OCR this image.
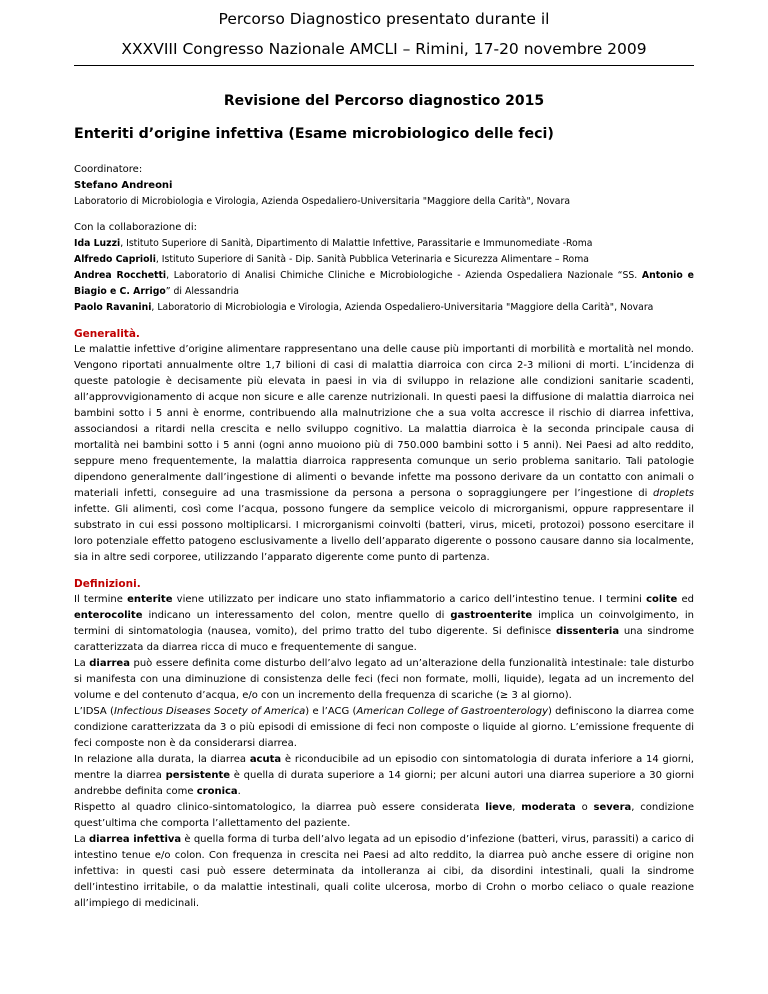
Percorso Diagnostico presentato durante il
XXXVIII Congresso Nazionale AMCLI – Rimini, 17-20 novembre 2009
Revisione del Percorso diagnostico 2015
Enteriti d’origine infettiva (Esame microbiologico delle feci)

Coordinatore:

Stefano Andreoni

Laboratorio di Microbiologia e Virologia, Azienda Ospedaliero-Universitaria "Maggiore della Carità", Novara

Con la collaborazione di:

Ida Luzzi, Istituto Superiore di Sanità, Dipartimento di Malattie Infettive, Parassitarie e Immunomediate -Roma

Alfredo Caprioli, Istituto Superiore di Sanità - Dip. Sanità Pubblica Veterinaria e Sicurezza Alimentare – Roma

Andrea Rocchetti, Laboratorio di Analisi Chimiche Cliniche e Microbiologiche - Azienda Ospedaliera Nazionale “SS. Antonio e Biagio e C. Arrigo” di Alessandria

Paolo Ravanini, Laboratorio di Microbiologia e Virologia, Azienda Ospedaliero-Universitaria "Maggiore della Carità", Novara

Generalità.

Le malattie infettive d’origine alimentare rappresentano una delle cause più importanti di morbilità e mortalità nel mondo. Vengono riportati annualmente oltre 1,7 bilioni di casi di malattia diarroica con circa 2-3 milioni di morti. L’incidenza di queste patologie è decisamente più elevata in paesi in via di sviluppo in relazione alle condizioni sanitarie scadenti, all’approvvigionamento di acque non sicure e alle carenze nutrizionali. In questi paesi la diffusione di malattia diarroica nei bambini sotto i 5 anni è enorme, contribuendo alla malnutrizione che a sua volta accresce il rischio di diarrea infettiva, associandosi a ritardi nella crescita e nello sviluppo cognitivo. La malattia diarroica è la seconda principale causa di mortalità nei bambini sotto i 5 anni (ogni anno muoiono più di 750.000 bambini sotto i 5 anni). Nei Paesi ad alto reddito, seppure meno frequentemente, la malattia diarroica rappresenta comunque un serio problema sanitario. Tali patologie dipendono generalmente dall’ingestione di alimenti o bevande infette ma possono derivare da un contatto con animali o materiali infetti, conseguire ad una trasmissione da persona a persona o sopraggiungere per l’ingestione di droplets infette. Gli alimenti, così come l’acqua, possono fungere da semplice veicolo di microrganismi, oppure rappresentare il substrato in cui essi possono moltiplicarsi. I microrganismi coinvolti (batteri, virus, miceti, protozoi) possono esercitare il loro potenziale effetto patogeno esclusivamente a livello dell’apparato digerente o possono causare danno sia localmente, sia in altre sedi corporee, utilizzando l’apparato digerente come punto di partenza.

Definizioni.

Il termine enterite viene utilizzato per indicare uno stato infiammatorio a carico dell’intestino tenue. I termini colite ed enterocolite indicano un interessamento del colon, mentre quello di gastroenterite implica un coinvolgimento, in termini di sintomatologia (nausea, vomito), del primo tratto del tubo digerente. Si definisce dissenteria una sindrome caratterizzata da diarrea ricca di muco e frequentemente di sangue.

La diarrea può essere definita come disturbo dell’alvo legato ad un’alterazione della funzionalità intestinale: tale disturbo si manifesta con una diminuzione di consistenza delle feci (feci non formate, molli, liquide), legata ad un incremento del volume e del contenuto d’acqua, e/o con un incremento della frequenza di scariche (≥ 3 al giorno).

L’IDSA (Infectious Diseases Socety of America) e l’ACG (American College of Gastroenterology) definiscono la diarrea come condizione caratterizzata da 3 o più episodi di emissione di feci non composte o liquide al giorno. L’emissione frequente di feci composte non è da considerarsi diarrea.

In relazione alla durata, la diarrea acuta è riconducibile ad un episodio con sintomatologia di durata inferiore a 14 giorni, mentre la diarrea persistente è quella di durata superiore a 14 giorni; per alcuni autori una diarrea superiore a 30 giorni andrebbe definita come cronica.

Rispetto al quadro clinico-sintomatologico, la diarrea può essere considerata lieve, moderata o severa, condizione quest’ultima che comporta l’allettamento del paziente.

La diarrea infettiva è quella forma di turba dell’alvo legata ad un episodio d’infezione (batteri, virus, parassiti) a carico di intestino tenue e/o colon. Con frequenza in crescita nei Paesi ad alto reddito, la diarrea può anche essere di origine non infettiva: in questi casi può essere determinata da intolleranza ai cibi, da disordini intestinali, quali la sindrome dell’intestino irritabile, o da malattie intestinali, quali colite ulcerosa, morbo di Crohn o morbo celiaco o quale reazione all’impiego di medicinali.
